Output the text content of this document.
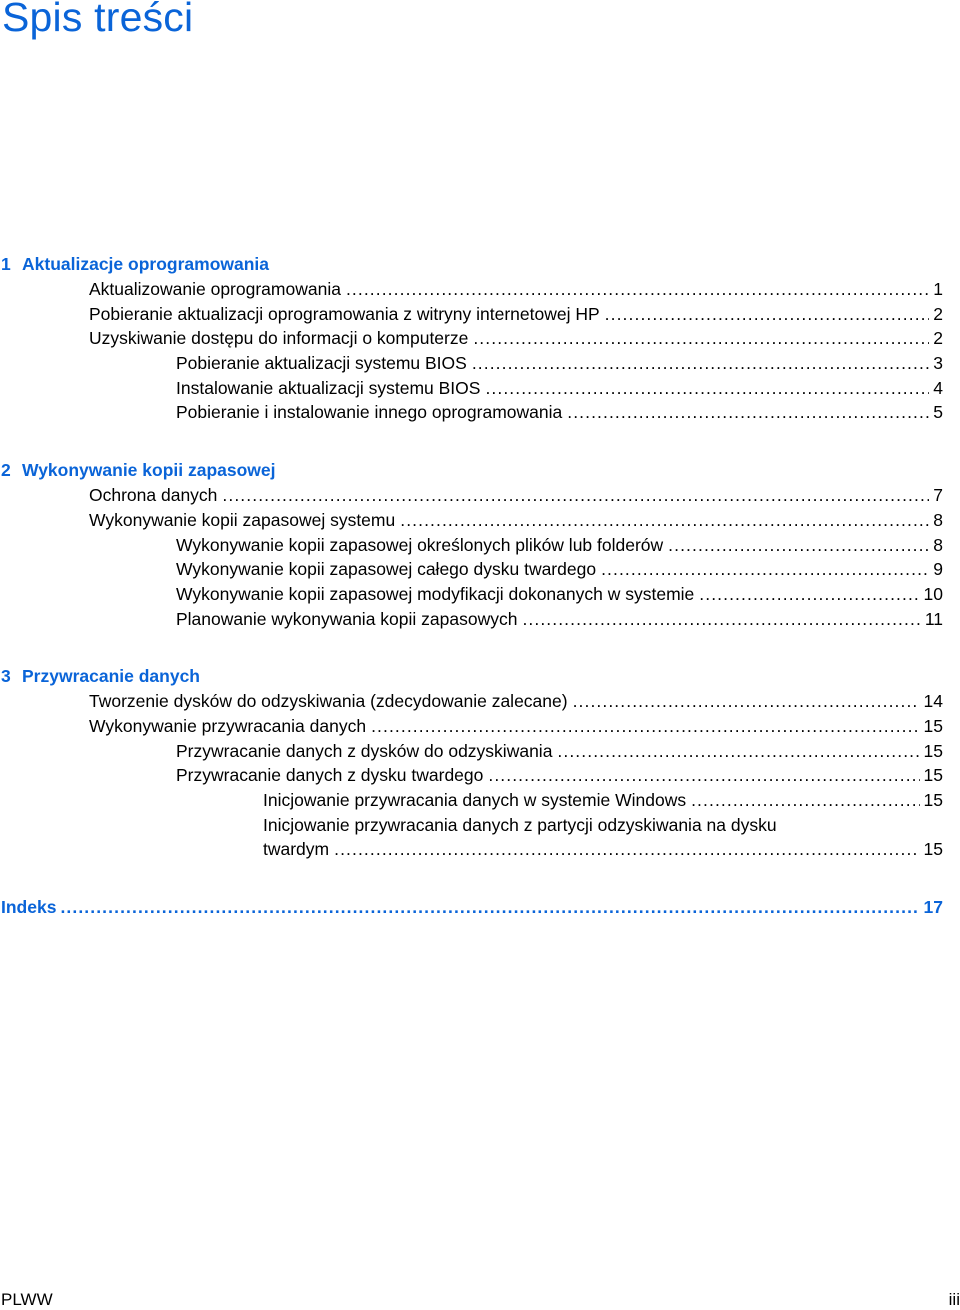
Spis treści
1 Aktualizacje oprogramowania
Aktualizowanie oprogramowania .....	1
Pobieranie aktualizacji oprogramowania z witryny internetowej HP .....	2
Uzyskiwanie dostępu do informacji o komputerze .....	2
Pobieranie aktualizacji systemu BIOS .....	3
Instalowanie aktualizacji systemu BIOS .....	4
Pobieranie i instalowanie innego oprogramowania .....	5
2 Wykonywanie kopii zapasowej
Ochrona danych .....	7
Wykonywanie kopii zapasowej systemu .....	8
Wykonywanie kopii zapasowej określonych plików lub folderów .....	8
Wykonywanie kopii zapasowej całego dysku twardego .....	9
Wykonywanie kopii zapasowej modyfikacji dokonanych w systemie .....	10
Planowanie wykonywania kopii zapasowych .....	11
3 Przywracanie danych
Tworzenie dysków do odzyskiwania (zdecydowanie zalecane) .....	14
Wykonywanie przywracania danych .....	15
Przywracanie danych z dysków do odzyskiwania .....	15
Przywracanie danych z dysku twardego .....	15
Inicjowanie przywracania danych w systemie Windows .....	15
Inicjowanie przywracania danych z partycji odzyskiwania na dysku
twardym .....	15
Indeks .....	17
PLWW	iii
